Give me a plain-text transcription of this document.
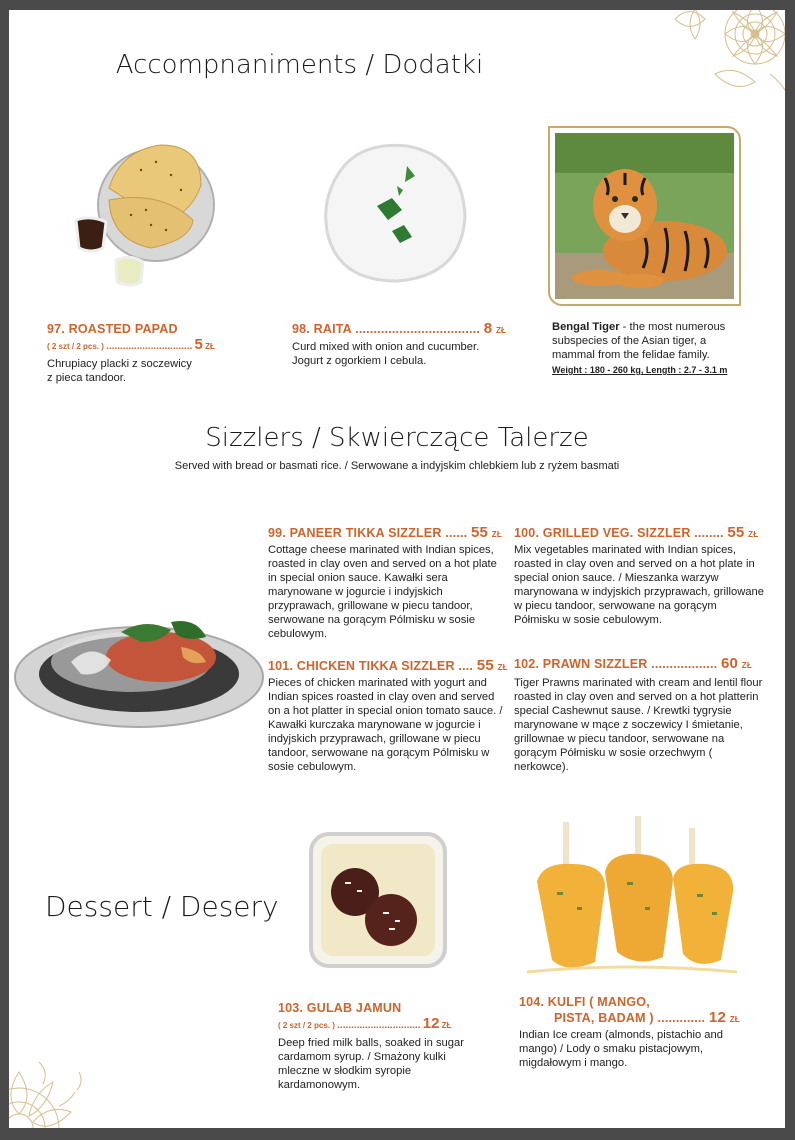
Accompnaniments / Dodatki
97. ROASTED PAPAD
( 2 szt / 2 pcs. ) ............................... 5 ZŁ
Chrupiacy placki z soczewicy
z pieca tandoor.
98. RAITA .................................. 8 ZŁ
Curd mixed with onion and cucumber.
Jogurt z ogorkiem I cebula.
Bengal Tiger - the most numerous subspecies of the Asian tiger, a mammal from the felidae family.
Weight : 180 - 260 kg, Length : 2.7 - 3.1 m
Sizzlers / Skwierczące Talerze
Served with bread or basmati rice. / Serwowane a indyjskim chlebkiem lub z ryżem basmati
99. PANEER TIKKA SIZZLER ...... 55 ZŁ
Cottage cheese marinated with Indian spices, roasted in clay oven and served on a hot plate in special onion sauce. Kawałki sera marynowane w jogurcie i indyjskich przyprawach, grillowane w piecu tandoor, serwowane na gorącym Pólmisku w sosie cebulowym.
100. GRILLED VEG. SIZZLER ........ 55 ZŁ
Mix vegetables marinated with Indian spices, roasted in clay oven and served on a hot plate in special onion sauce. / Mieszanka warzyw marynowana w indyjskich przyprawach, grillowane w piecu tandoor, serwowane na gorącym Półmisku w sosie cebulowym.
101. CHICKEN TIKKA SIZZLER .... 55 ZŁ
Pieces of chicken marinated with yogurt and Indian spices roasted in clay oven and served on a hot platter in special onion tomato sauce. / Kawałki kurczaka marynowane w jogurcie i indyjskich przyprawach, grillowane w piecu tandoor, serwowane na gorącym Pólmisku w sosie cebulowym.
102. PRAWN SIZZLER .................. 60 ZŁ
Tiger Prawns marinated with cream and lentil flour roasted in clay oven and served on a hot platterin special Cashewnut sause. / Krewtki tygrysie marynowane w mące z soczewicy I śmietanie, grillownae w piecu tandoor, serwowane na gorącym Półmisku w sosie orzechwym ( nerkowce).
Dessert / Desery
103. GULAB JAMUN
( 2 szt / 2 pcs. ) .............................. 12 ZŁ
Deep fried milk balls, soaked in sugar cardamom syrup. / Smażony kulki mleczne w słodkim syropie kardamonowym.
104. KULFI ( MANGO,
PISTA, BADAM ) ............. 12 ZŁ
Indian Ice cream (almonds, pistachio and mango) / Lody o smaku pistacjowym, migdałowym i mango.
